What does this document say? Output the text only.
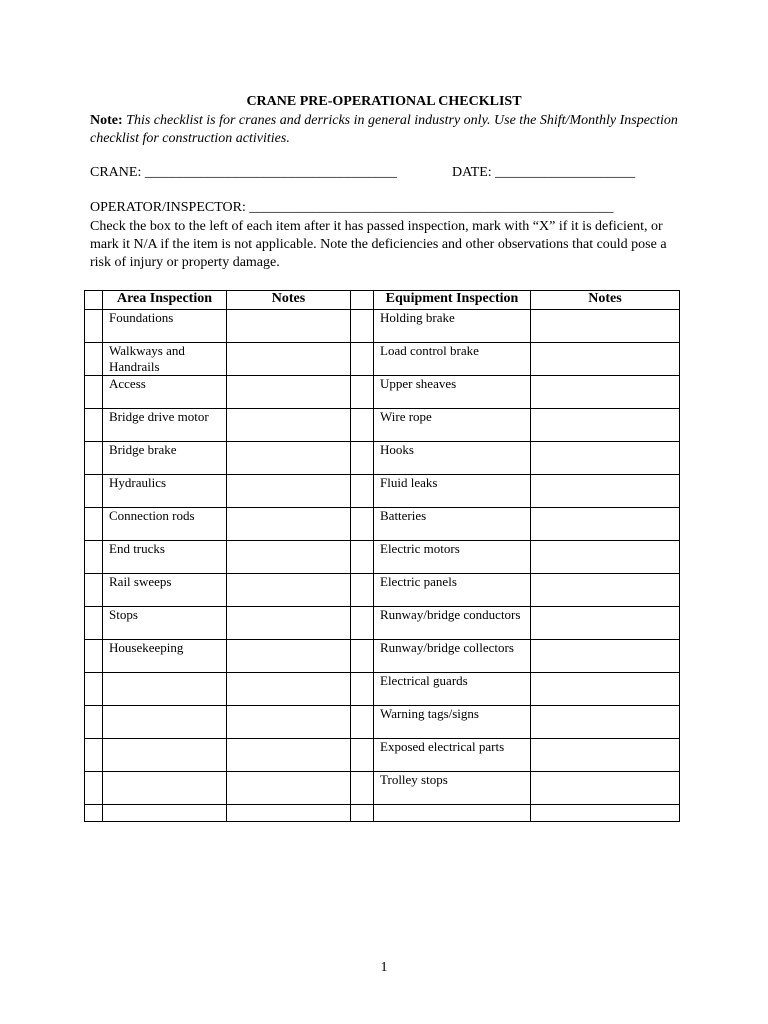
CRANE PRE-OPERATIONAL CHECKLIST
Note: This checklist is for cranes and derricks in general industry only. Use the Shift/Monthly Inspection checklist for construction activities.
CRANE: ____________________________________	DATE: ____________________
OPERATOR/INSPECTOR: ____________________________________________________
Check the box to the left of each item after it has passed inspection, mark with “X” if it is deficient, or mark it N/A if the item is not applicable. Note the deficiencies and other observations that could pose a risk of injury or property damage.
	Area Inspection	Notes		Equipment Inspection	Notes
	Foundations			Holding brake	
	Walkways and Handrails			Load control brake	
	Access			Upper sheaves	
	Bridge drive motor			Wire rope	
	Bridge brake			Hooks	
	Hydraulics			Fluid leaks	
	Connection rods			Batteries	
	End trucks			Electric motors	
	Rail sweeps			Electric panels	
	Stops			Runway/bridge conductors	
	Housekeeping			Runway/bridge collectors	
				Electrical guards	
				Warning tags/signs	
				Exposed electrical parts	
				Trolley stops	

1
